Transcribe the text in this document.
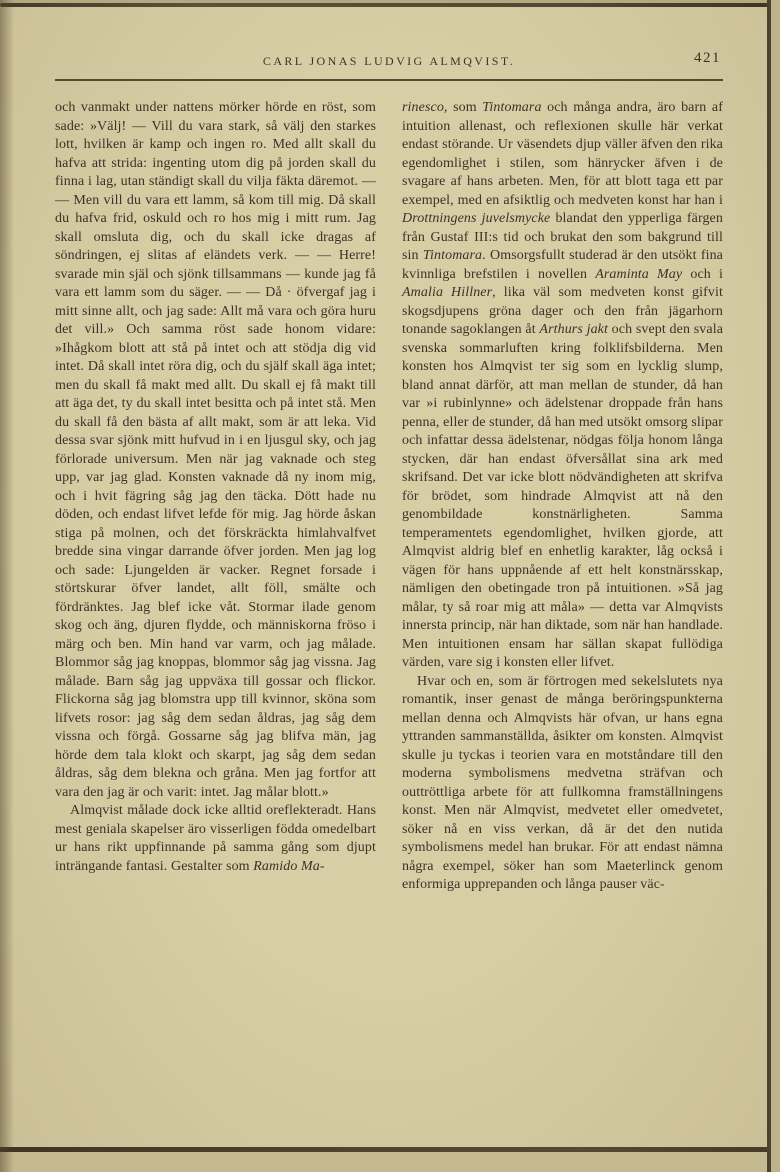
CARL JONAS LUDVIG ALMQVIST.	421

och vanmakt under nattens mörker hörde en röst, som sade: »Välj! — Vill du vara stark, så välj den starkes lott, hvilken är kamp och ingen ro. Med allt skall du hafva att strida: ingenting utom dig på jorden skall du finna i lag, utan ständigt skall du vilja fäkta däremot. — — Men vill du vara ett lamm, så kom till mig. Då skall du hafva frid, oskuld och ro hos mig i mitt rum. Jag skall omsluta dig, och du skall icke dragas af söndringen, ej slitas af eländets verk. — — Herre! svarade min själ och sjönk tillsammans — kunde jag få vara ett lamm som du säger. — — Då · öfvergaf jag i mitt sinne allt, och jag sade: Allt må vara och göra huru det vill.» Och samma röst sade honom vidare: »Ihågkom blott att stå på intet och att stödja dig vid intet. Då skall intet röra dig, och du själf skall äga intet; men du skall få makt med allt. Du skall ej få makt till att äga det, ty du skall intet besitta och på intet stå. Men du skall få den bästa af allt makt, som är att leka. Vid dessa svar sjönk mitt hufvud in i en ljusgul sky, och jag förlorade universum. Men när jag vaknade och steg upp, var jag glad. Konsten vaknade då ny inom mig, och i hvit fägring såg jag den täcka. Dött hade nu döden, och endast lifvet lefde för mig. Jag hörde åskan stiga på molnen, och det förskräckta himlahvalfvet bredde sina vingar darrande öfver jorden. Men jag log och sade: Ljungelden är vacker. Regnet forsade i störtskurar öfver landet, allt föll, smälte och fördränktes. Jag blef icke våt. Stormar ilade genom skog och äng, djuren flydde, och människorna fröso i märg och ben. Min hand var varm, och jag målade. Blommor såg jag knoppas, blommor såg jag vissna. Jag målade. Barn såg jag uppväxa till gossar och flickor. Flickorna såg jag blomstra upp till kvinnor, sköna som lifvets rosor: jag såg dem sedan åldras, jag såg dem vissna och förgå. Gossarne såg jag blifva män, jag hörde dem tala klokt och skarpt, jag såg dem sedan åldras, såg dem blekna och gråna. Men jag fortfor att vara den jag är och varit: intet. Jag målar blott.»

Almqvist målade dock icke alltid oreflekteradt. Hans mest geniala skapelser äro visserligen födda omedelbart ur hans rikt uppfinnande på samma gång som djupt inträngande fantasi. Gestalter som Ramido Ma-

rinesco, som Tintomara och många andra, äro barn af intuition allenast, och reflexionen skulle här verkat endast störande. Ur väsendets djup väller äfven den rika egendomlighet i stilen, som hänrycker äfven i de svagare af hans arbeten. Men, för att blott taga ett par exempel, med en afsiktlig och medveten konst har han i Drottningens juvelsmycke blandat den ypperliga färgen från Gustaf III:s tid och brukat den som bakgrund till sin Tintomara. Omsorgsfullt studerad är den utsökt fina kvinnliga brefstilen i novellen Araminta May och i Amalia Hillner, lika väl som medveten konst gifvit skogsdjupens gröna dager och den från jägarhorn tonande sagoklangen åt Arthurs jakt och svept den svala svenska sommarluften kring folklifsbilderna. Men konsten hos Almqvist ter sig som en lycklig slump, bland annat därför, att man mellan de stunder, då han var »i rubinlynne» och ädelstenar droppade från hans penna, eller de stunder, då han med utsökt omsorg slipar och infattar dessa ädelstenar, nödgas följa honom långa stycken, där han endast öfversållat sina ark med skrifsand. Det var icke blott nödvändigheten att skrifva för brödet, som hindrade Almqvist att nå den genombildade konstnärligheten. Samma temperamentets egendomlighet, hvilken gjorde, att Almqvist aldrig blef en enhetlig karakter, låg också i vägen för hans uppnående af ett helt konstnärsskap, nämligen den obetingade tron på intuitionen. »Så jag målar, ty så roar mig att måla» — detta var Almqvists innersta princip, när han diktade, som när han handlade. Men intuitionen ensam har sällan skapat fullödiga värden, vare sig i konsten eller lifvet.

Hvar och en, som är förtrogen med sekelslutets nya romantik, inser genast de många beröringspunkterna mellan denna och Almqvists här ofvan, ur hans egna yttranden sammanställda, åsikter om konsten. Almqvist skulle ju tyckas i teorien vara en motståndare till den moderna symbolismens medvetna sträfvan och outtröttliga arbete för att fullkomna framställningens konst. Men när Almqvist, medvetet eller omedvetet, söker nå en viss verkan, då är det den nutida symbolismens medel han brukar. För att endast nämna några exempel, söker han som Maeterlinck genom enformiga upprepanden och långa pauser väc-
